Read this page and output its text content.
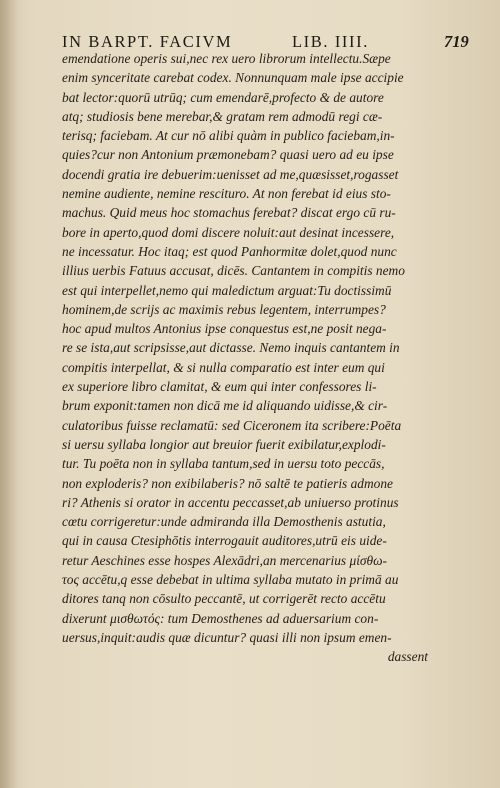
IN BARPT. FACIVM	LIB. IIII.	719
emendatione operis sui,nec rex uero librorum intellectu.Sæpe
enim synceritate carebat codex. Nonnunquam male ipse accipie
bat lector:quorū utrūq; cum emendarē,profecto & de autore
atq; studiosis bene merebar,& gratam rem admodū regi cæ-
terisq; faciebam. At cur nō alibi quàm in publico faciebam,in-
quies?cur non Antonium præmonebam? quasi uero ad eu ipse
docendi gratia ire debuerim:uenisset ad me,quæsisset,rogasset
nemine audiente, nemine rescituro. At non ferebat id eius sto-
machus. Quid meus hoc stomachus ferebat? discat ergo cū ru-
bore in aperto,quod domi discere noluit:aut desinat incessere,
ne incessatur. Hoc itaq; est quod Panhormitæ dolet,quod nunc
illius uerbis Fatuus accusat, dicēs. Cantantem in compitis nemo
est qui interpellet,nemo qui maledictum arguat:Tu doctissimū
hominem,de scrijs ac maximis rebus legentem, interrumpes?
hoc apud multos Antonius ipse conquestus est,ne posit nega-
re se ista,aut scripsisse,aut dictasse. Nemo inquis cantantem in
compitis interpellat, & si nulla comparatio est inter eum qui
ex superiore libro clamitat, & eum qui inter confessores li-
brum exponit:tamen non dicā me id aliquando uidisse,& cir-
culatoribus fuisse reclamatū: sed Ciceronem ita scribere:Poēta
si uersu syllaba longior aut breuior fuerit exibilatur,explodi-
tur. Tu poēta non in syllaba tantum,sed in uersu toto peccās,
non exploderis? non exibilaberis? nō saltē te patieris admone
ri? Athenis si orator in accentu peccasset,ab uniuerso protinus
cœtu corrigeretur:unde admiranda illa Demosthenis astutia,
qui in causa Ctesiphōtis interrogauit auditores,utrū eis uide-
retur Aeschines esse hospes Alexādri,an mercenarius μίσθω-
τος accētu,q esse debebat in ultima syllaba mutato in primā au
ditores tanq non cōsulto peccantē, ut corrigerēt recto accētu
dixerunt μισθωτός: tum Demosthenes ad aduersarium con-
uersus,inquit:audis quæ dicuntur? quasi illi non ipsum emen-
dassent
